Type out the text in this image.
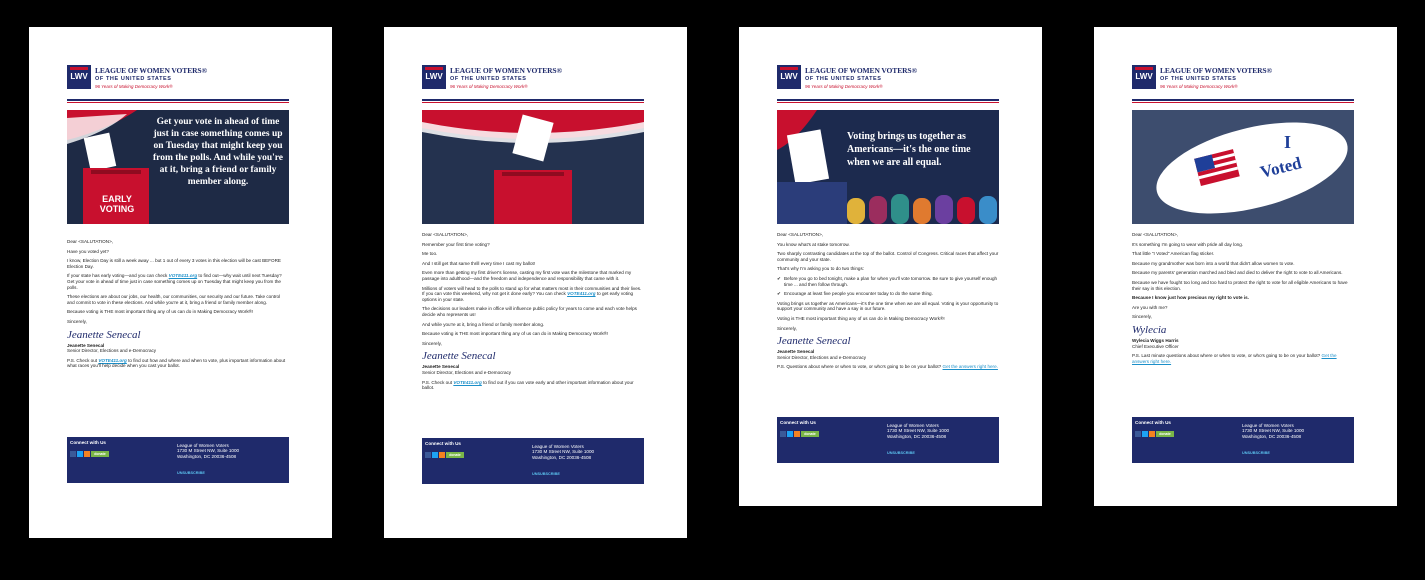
LWV
LEAGUE OF WOMEN VOTERS®
OF THE UNITED STATES
96 Years of Making Democracy Work®
EARLY VOTING
Get your vote in ahead of time just in case something comes up on Tuesday that might keep you from the polls. And while you're at it, bring a friend or family member along.

Dear <SALUTATION>,

Have you voted yet?

I know, Election Day is still a week away ... but 1 out of every 3 votes in this election will be cast BEFORE Election Day.

If your state has early voting—and you can check VOTE411.org to find out—why wait until next Tuesday? Get your vote in ahead of time just in case something comes up on Tuesday that might keep you from the polls.

These elections are about our jobs, our health, our communities, our security and our future. Take control and commit to vote in these elections. And while you're at it, bring a friend or family member along.

Because voting is THE most important thing any of us can do in Making Democracy Work®!

Sincerely,

Jeanette Senecal
Jeanette Senecal

Senior Director, Elections and e-Democracy

P.S. Check out VOTE411.org to find out how and where and when to vote, plus important information about what races you'll help decide when you cast your ballot.

Connect with Us
donate
League of Women Voters
1730 M Street NW, Suite 1000
Washington, DC 20036-4508
UNSUBSCRIBE
LWV
LEAGUE OF WOMEN VOTERS®
OF THE UNITED STATES
96 Years of Making Democracy Work®

Dear <SALUTATION>,

Remember your first time voting?

Me too.

And I still get that same thrill every time I cast my ballot!

Even more than getting my first driver's license, casting my first vote was the milestone that marked my passage into adulthood—and the freedom and independence and responsibility that came with it.

Millions of voters will head to the polls to stand up for what matters most in their communities and their lives. If you can vote this weekend, why not get it done early? You can check VOTE411.org to get early voting options in your state.

The decisions our leaders make in office will influence public policy for years to come and each vote helps decide who represents us!

And while you're at it, bring a friend or family member along.

Because voting is THE most important thing any of us can do in Making Democracy Work®!

Sincerely,

Jeanette Senecal
Jeanette Senecal

Senior Director, Elections and e-Democracy

P.S. Check out VOTE411.org to find out if you can vote early and other important information about your ballot.

Connect with Us
donate
League of Women Voters
1730 M Street NW, Suite 1000
Washington, DC 20036-4508
UNSUBSCRIBE
LWV
LEAGUE OF WOMEN VOTERS®
OF THE UNITED STATES
96 Years of Making Democracy Work®
Voting brings us together as Americans—it's the one time when we are all equal.

Dear <SALUTATION>,

You know what's at stake tomorrow.

Two sharply contrasting candidates at the top of the ballot. Control of Congress. Critical races that affect your community and your state.

That's why I'm asking you to do two things:

✔ Before you go to bed tonight, make a plan for when you'll vote tomorrow. Be sure to give yourself enough time ... and then follow through.

✔ Encourage at least five people you encounter today to do the same thing.

Voting brings us together as Americans—it's the one time when we are all equal. Voting is your opportunity to support your community and have a say in our future.

Voting is THE most important thing any of us can do in Making Democracy Work®!

Sincerely,

Jeanette Senecal
Jeanette Senecal

Senior Director, Elections and e-Democracy

P.S. Questions about where or when to vote, or who's going to be on your ballot? Get the answers right here.

Connect with Us
donate
League of Women Voters
1730 M Street NW, Suite 1000
Washington, DC 20036-4508
UNSUBSCRIBE
LWV
LEAGUE OF WOMEN VOTERS®
OF THE UNITED STATES
96 Years of Making Democracy Work®
I
Voted

Dear <SALUTATION>,

It's something I'm going to wear with pride all day long.

That little "I Voted" American flag sticker.

Because my grandmother was born into a world that didn't allow women to vote.

Because my parents' generation marched and bled and died to deliver the right to vote to all Americans.

Because we have fought too long and too hard to protect the right to vote for all eligible Americans to have their say in this election.

Because I know just how precious my right to vote is.

Are you with me?

Sincerely,

Wylecia
Wylecia Wiggs Harris

Chief Executive Officer

P.S. Last minute questions about where or when to vote, or who's going to be on your ballot? Get the answers right here.

Connect with Us
donate
League of Women Voters
1730 M Street NW, Suite 1000
Washington, DC 20036-4508
UNSUBSCRIBE
